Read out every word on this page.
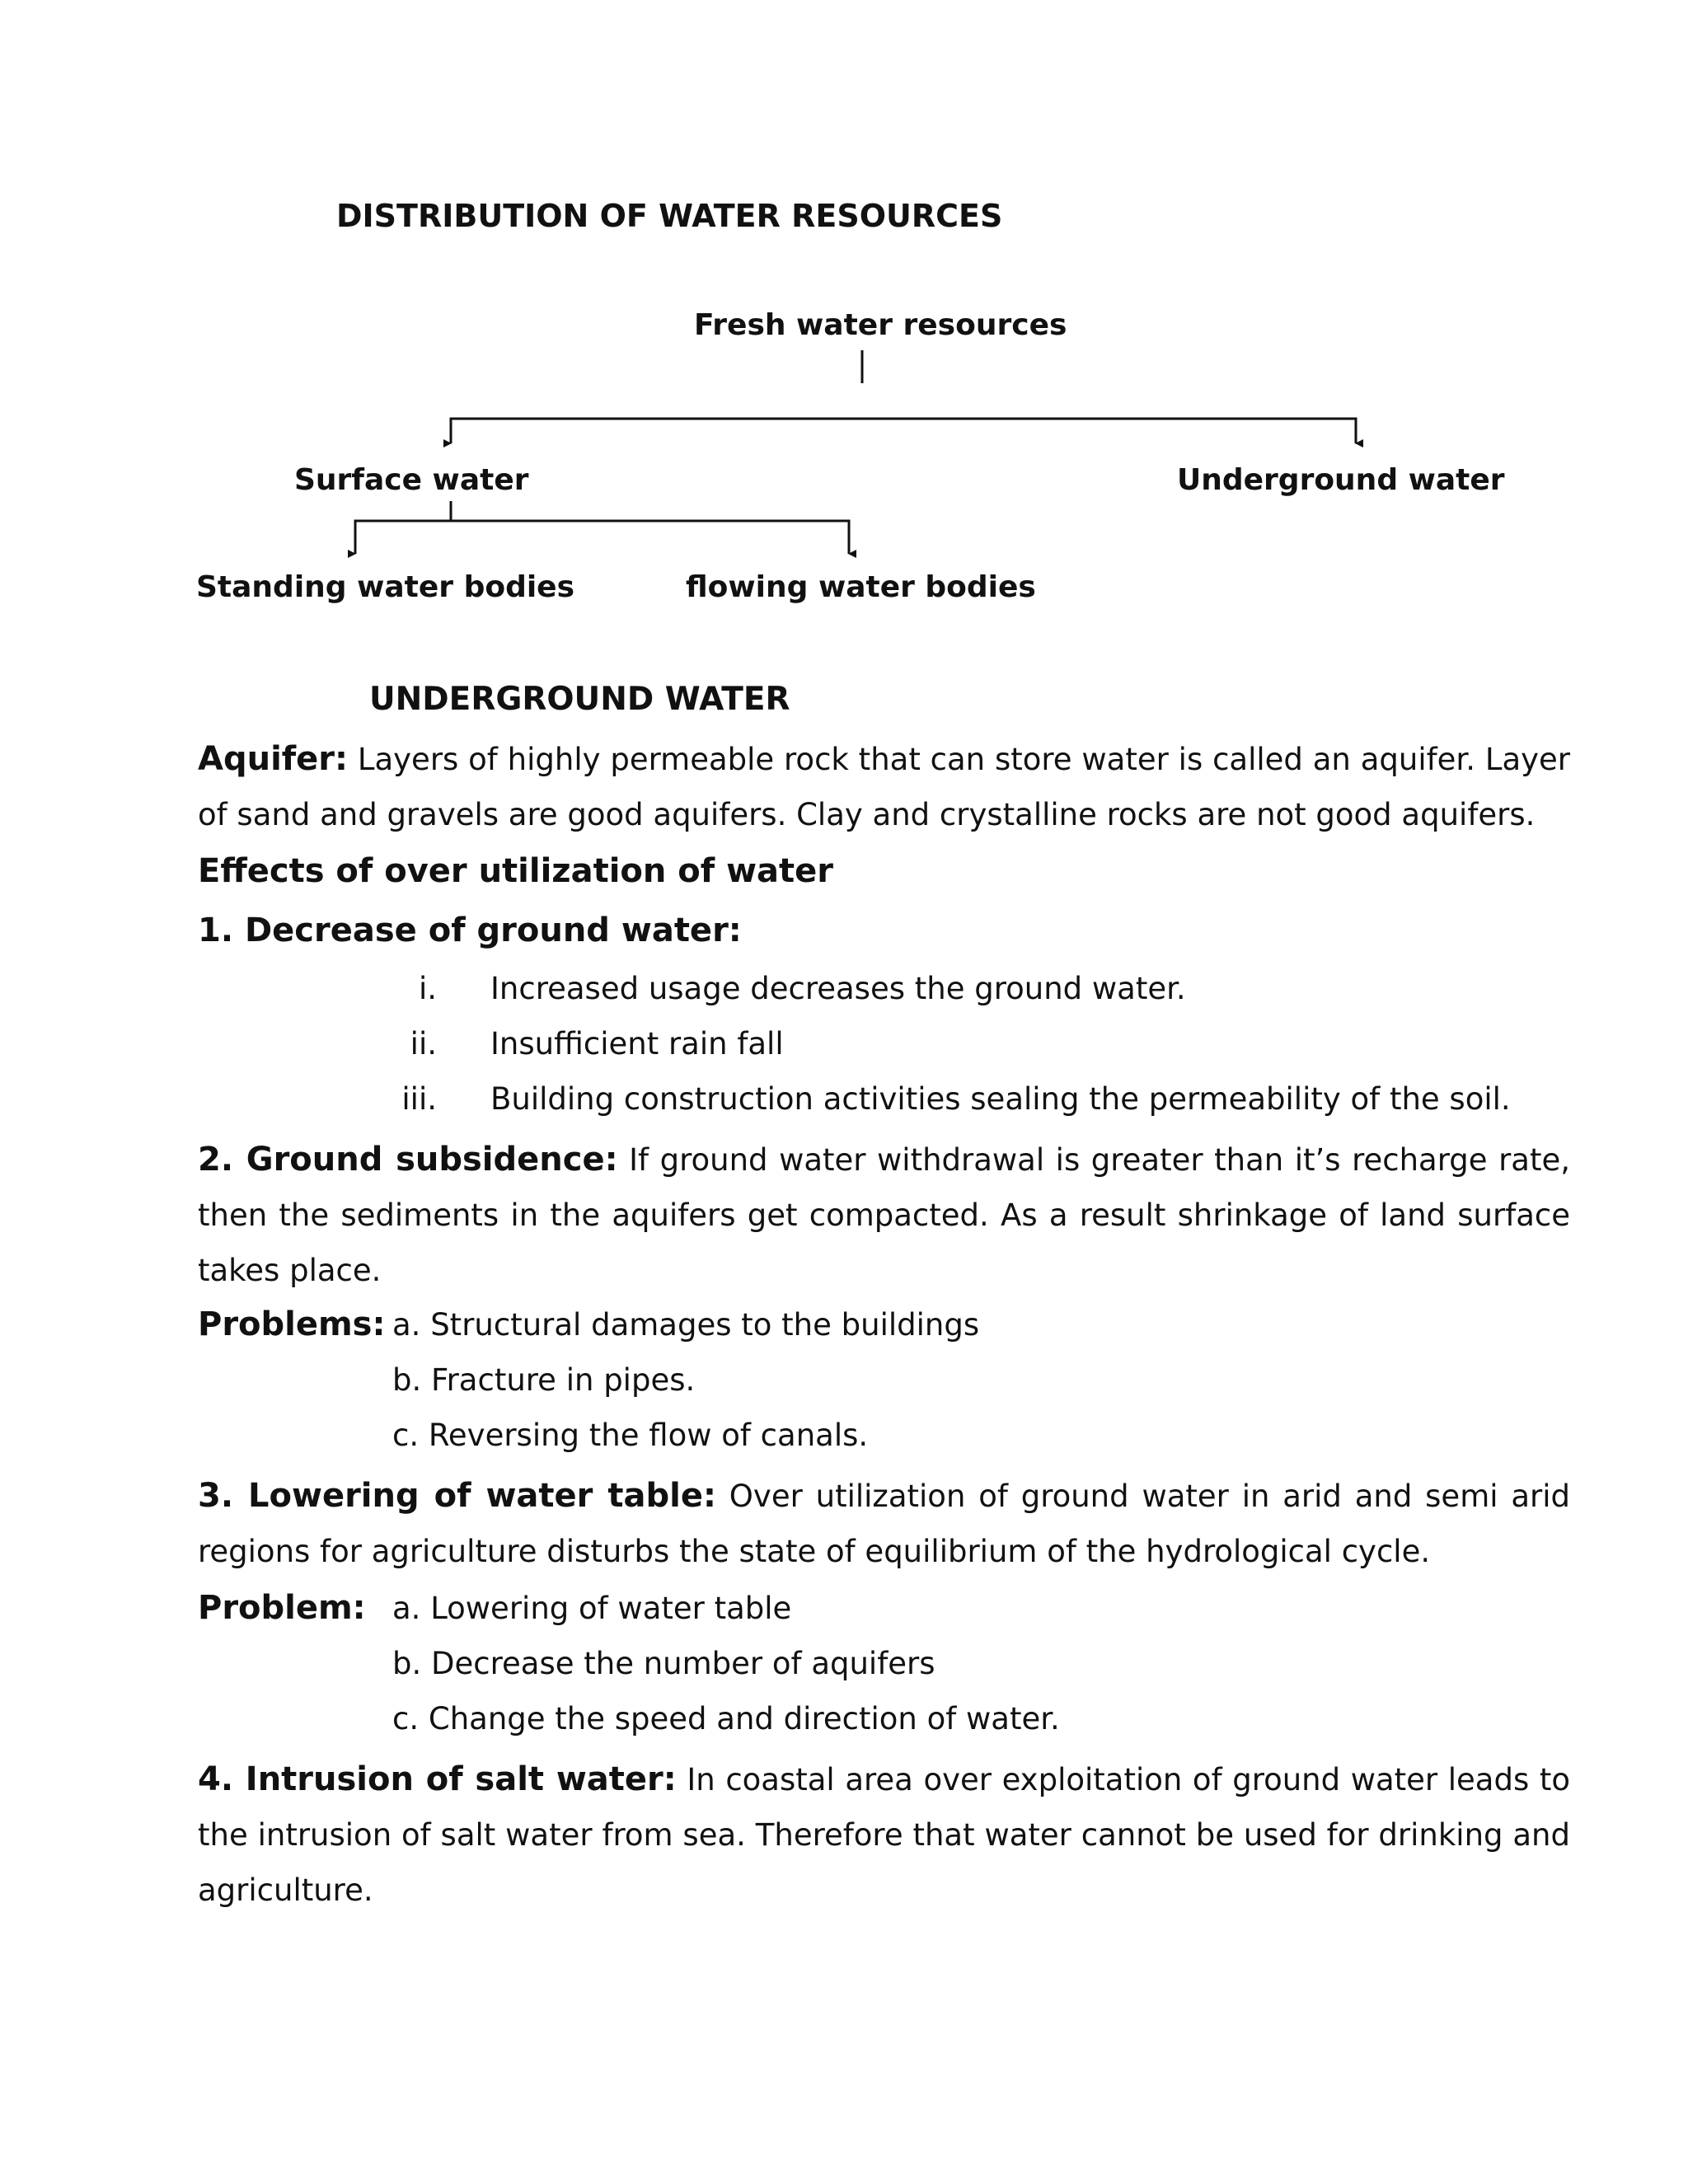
DISTRIBUTION OF WATER RESOURCES
Fresh water resources
Surface water	Underground water
Standing water bodies	flowing water bodies
UNDERGROUND WATER
Aquifer: Layers of highly permeable rock that can store water is called an aquifer. Layer of sand and gravels are good aquifers. Clay and crystalline rocks are not good aquifers.
Effects of over utilization of water
1. Decrease of ground water:
i. Increased usage decreases the ground water.
ii. Insufficient rain fall
iii. Building construction activities sealing the permeability of the soil.
2. Ground subsidence: If ground water withdrawal is greater than it’s recharge rate, then the sediments in the aquifers get compacted. As a result shrinkage of land surface takes place.
Problems: a. Structural damages to the buildings
b. Fracture in pipes.
c. Reversing the flow of canals.
3. Lowering of water table: Over utilization of ground water in arid and semi arid regions for agriculture disturbs the state of equilibrium of the hydrological cycle.
Problem: a. Lowering of water table
b. Decrease the number of aquifers
c. Change the speed and direction of water.
4. Intrusion of salt water: In coastal area over exploitation of ground water leads to the intrusion of salt water from sea. Therefore that water cannot be used for drinking and agriculture.
